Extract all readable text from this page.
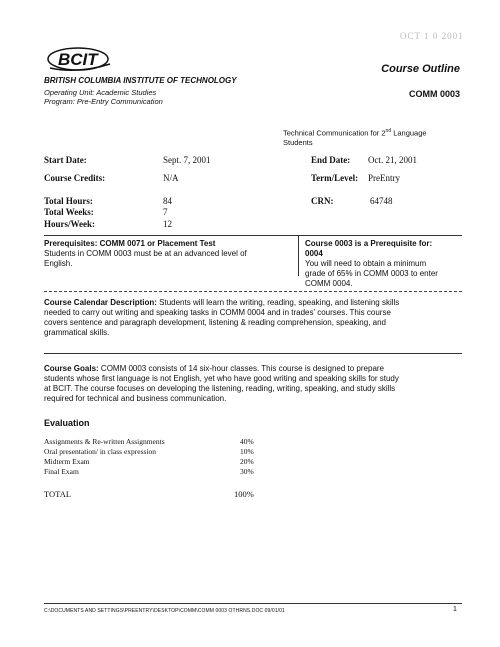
OCT 1 0 2001
BCIT
BRITISH COLUMBIA INSTITUTE OF TECHNOLOGY
Operating Unit: Academic Studies
Program: Pre-Entry Communication
Course Outline
COMM 0003
Technical Communication for 2nd Language
Students
Start Date:	Sept. 7, 2001	End Date: Oct. 21, 2001
Course Credits:	N/A	Term/Level: PreEntry
Total Hours:	84	CRN:	64748
Total Weeks:	7
Hours/Week:	12
Prerequisites: COMM 0071 or Placement Test
Students in COMM 0003 must be at an advanced level of
English.
Course 0003 is a Prerequisite for:
0004
You will need to obtain a minimum
grade of 65% in COMM 0003 to enter
COMM 0004.
Course Calendar Description: Students will learn the writing, reading, speaking, and listening skills
needed to carry out writing and speaking tasks in COMM 0004 and in trades' courses. This course
covers sentence and paragraph development, listening & reading comprehension, speaking, and
grammatical skills.
Course Goals: COMM 0003 consists of 14 six-hour classes. This course is designed to prepare
students whose first language is not English, yet who have good writing and speaking skills for study
at BCIT. The course focuses on developing the listening, reading, writing, speaking, and study skills
required for technical and business communication.
Evaluation
Assignments & Re-written Assignments	40%
Oral presentation/ in class expression	10%
Midterm Exam	20%
Final Exam	30%
TOTAL	100%
C:\DOCUMENTS AND SETTINGS\PREENTRY\DESKTOP\COMM\COMM 0003 OTHRNS.DOC 09/01/01	1
